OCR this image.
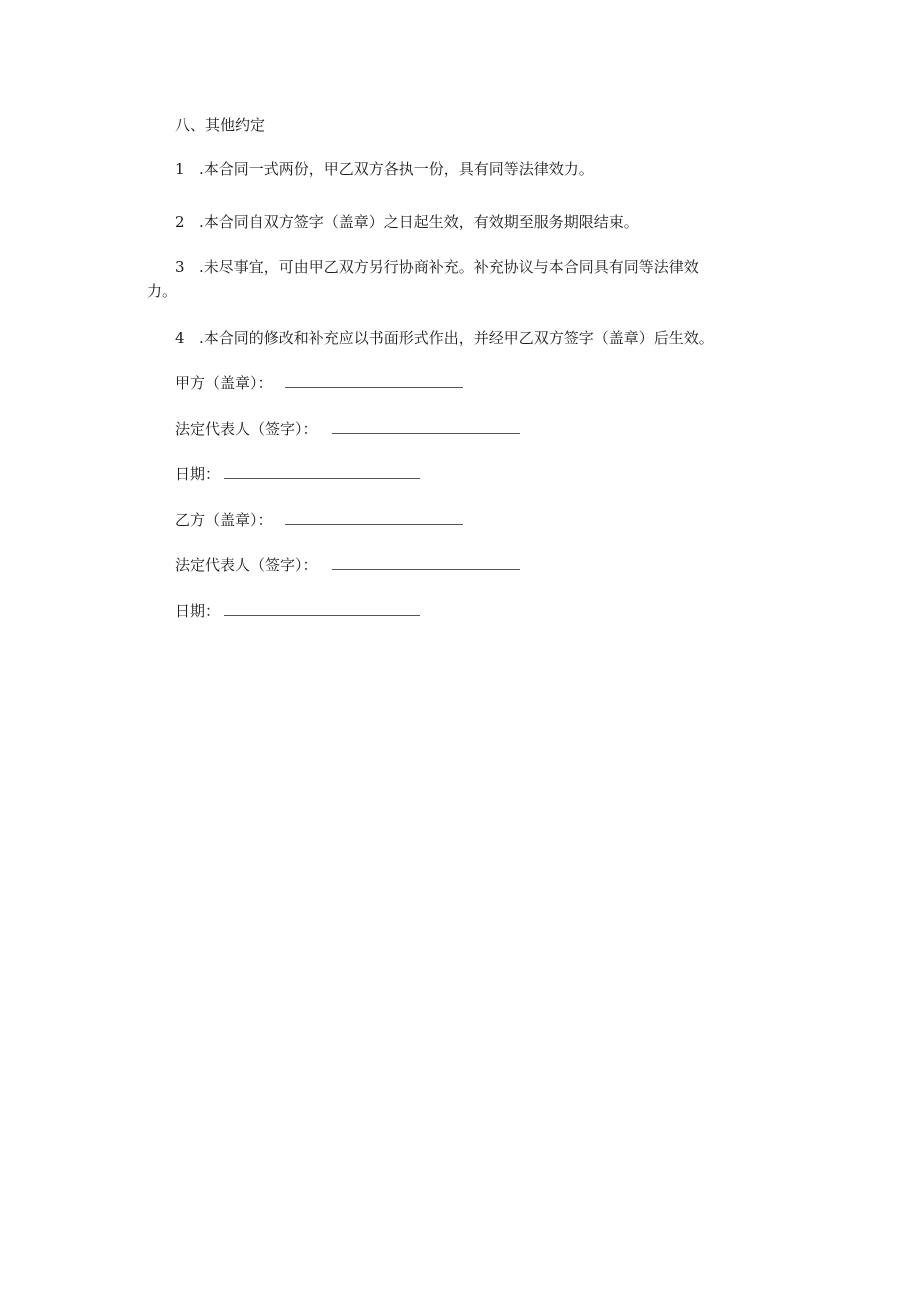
八、其他约定
1 .本合同一式两份，甲乙双方各执一份，具有同等法律效力。
2 .本合同自双方签字（盖章）之日起生效，有效期至服务期限结束。
3 .未尽事宜，可由甲乙双方另行协商补充。补充协议与本合同具有同等法律效
力。
4 .本合同的修改和补充应以书面形式作出，并经甲乙双方签字（盖章）后生效。
甲方（盖章）：
法定代表人（签字）：
日期：
乙方（盖章）：
法定代表人（签字）：
日期：
